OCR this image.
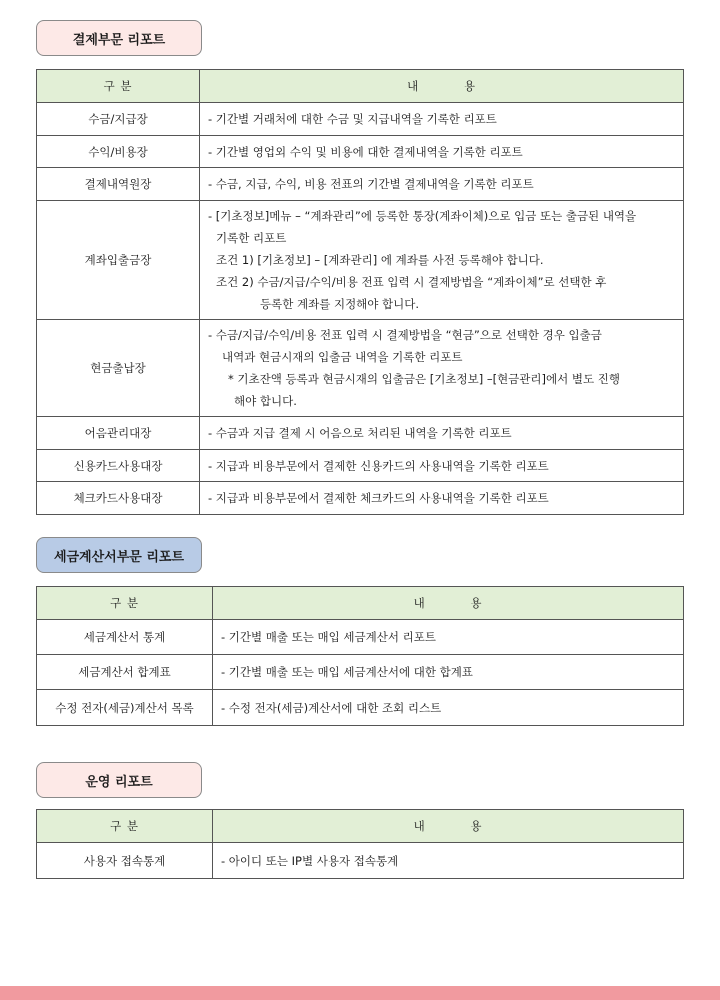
결제부문 리포트
구 분	내 용
수금/지급장	- 기간별 거래처에 대한 수금 및 지급내역을 기록한 리포트

수익/비용장	- 기간별 영업외 수익 및 비용에 대한 결제내역을 기록한 리포트

결제내역원장	- 수금, 지급, 수익, 비용 전표의 기간별 결제내역을 기록한 리포트

계좌입출금장	- [기초정보]메뉴 – “계좌관리”에 등록한 통장(계좌이체)으로 입금 또는 출금된 내역을
기록한 리포트
조건 1) [기초정보] – [계좌관리] 에 계좌를 사전 등록해야 합니다.
조건 2) 수금/지급/수익/비용 전표 입력 시 결제방법을 “계좌이체”로 선택한 후
등록한 계좌를 지정해야 합니다.

현금출납장	- 수금/지급/수익/비용 전표 입력 시 결제방법을 “현금”으로 선택한 경우 입출금
내역과 현금시재의 입출금 내역을 기록한 리포트
* 기초잔액 등록과 현금시재의 입출금은 [기초정보] –[현금관리]에서 별도 진행
해야 합니다.

어음관리대장	- 수금과 지급 결제 시 어음으로 처리된 내역을 기록한 리포트

신용카드사용대장	- 지급과 비용부문에서 결제한 신용카드의 사용내역을 기록한 리포트

체크카드사용대장	- 지급과 비용부문에서 결제한 체크카드의 사용내역을 기록한 리포트
세금계산서부문 리포트
구 분	내 용
세금계산서 통계	- 기간별 매출 또는 매입 세금계산서 리포트

세금계산서 합계표	- 기간별 매출 또는 매입 세금계산서에 대한 합계표

수정 전자(세금)계산서 목록	- 수정 전자(세금)계산서에 대한 조회 리스트
운영 리포트
구 분	내 용
사용자 접속통계	- 아이디 또는 IP별 사용자 접속통계
